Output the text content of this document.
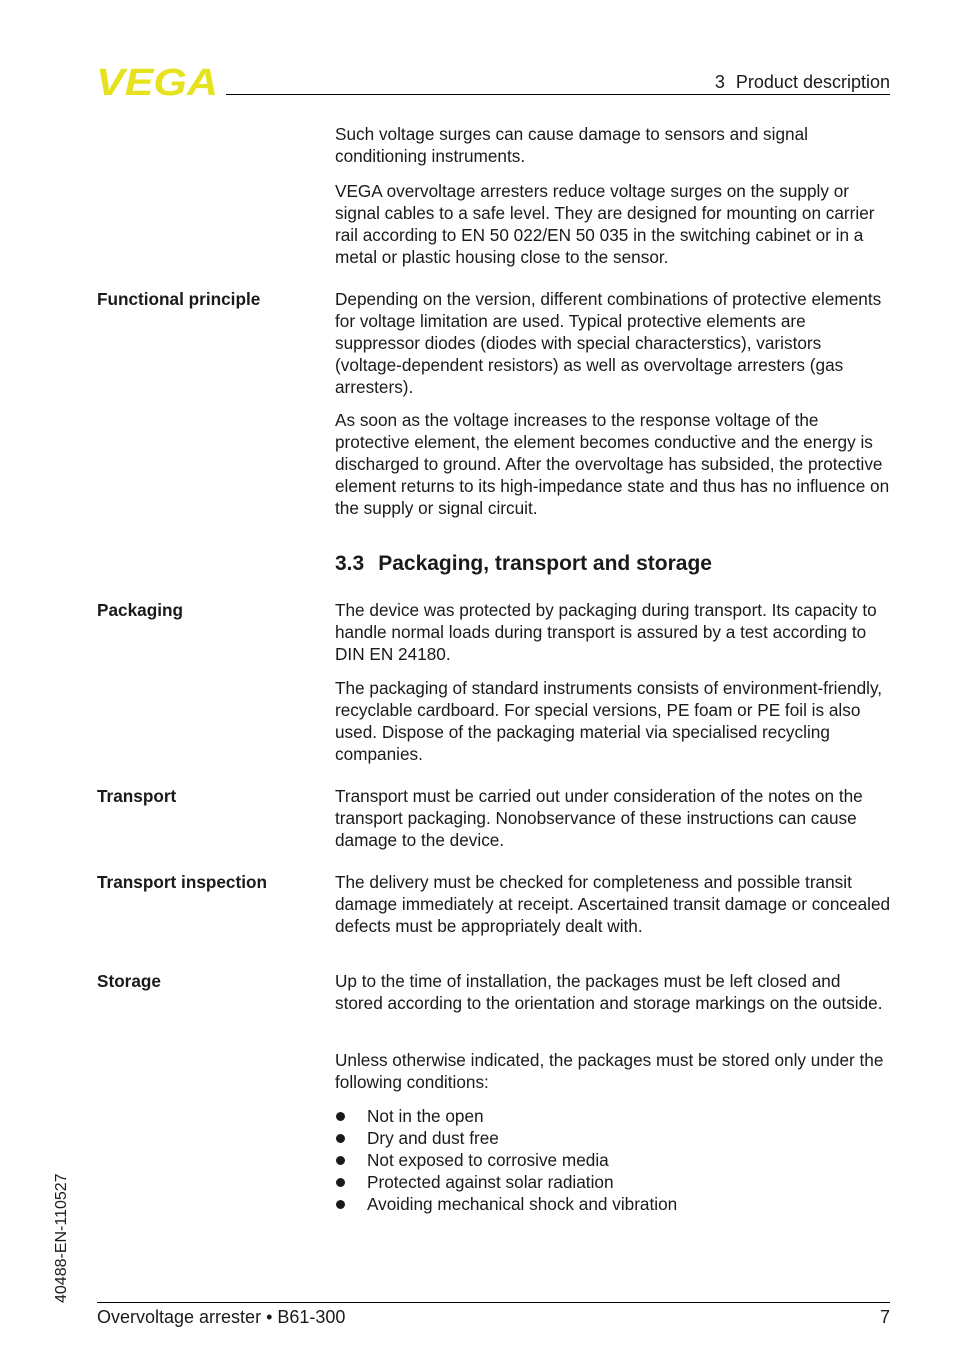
VEGA	3 Product description

Such voltage surges can cause damage to sensors and signal conditioning instruments.

VEGA overvoltage arresters reduce voltage surges on the supply or signal cables to a safe level. They are designed for mounting on carrier rail according to EN 50 022/EN 50 035 in the switching cabinet or in a metal or plastic housing close to the sensor.

Functional principle	Depending on the version, different combinations of protective elements for voltage limitation are used. Typical protective elements are suppressor diodes (diodes with special characterstics), varistors (voltage-dependent resistors) as well as overvoltage arresters (gas arresters).

As soon as the voltage increases to the response voltage of the protective element, the element becomes conductive and the energy is discharged to ground. After the overvoltage has subsided, the protective element returns to its high-impedance state and thus has no influence on the supply or signal circuit.

3.3 Packaging, transport and storage
Packaging	The device was protected by packaging during transport. Its capacity to handle normal loads during transport is assured by a test according to DIN EN 24180.

The packaging of standard instruments consists of environment-friendly, recyclable cardboard. For special versions, PE foam or PE foil is also used. Dispose of the packaging material via specialised recycling companies.

Transport	Transport must be carried out under consideration of the notes on the transport packaging. Nonobservance of these instructions can cause damage to the device.

Transport inspection	The delivery must be checked for completeness and possible transit damage immediately at receipt. Ascertained transit damage or concealed defects must be appropriately dealt with.

Storage	Up to the time of installation, the packages must be left closed and stored according to the orientation and storage markings on the outside.

Unless otherwise indicated, the packages must be stored only under the following conditions:

Not in the open
Dry and dust free
Not exposed to corrosive media
Protected against solar radiation
Avoiding mechanical shock and vibration
40488-EN-110527
Overvoltage arrester • B61-300	7
